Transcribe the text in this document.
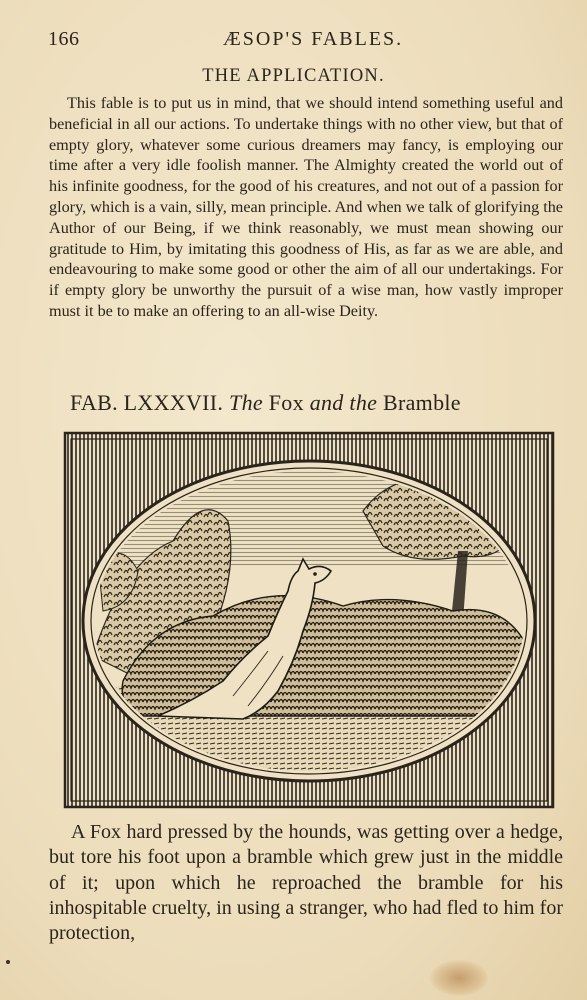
166	ÆSOP'S FABLES.
THE APPLICATION.

This fable is to put us in mind, that we should intend something useful and beneficial in all our actions. To undertake things with no other view, but that of empty glory, whatever some curious dreamers may fancy, is employing our time after a very idle foolish manner. The Almighty created the world out of his infinite goodness, for the good of his creatures, and not out of a passion for glory, which is a vain, silly, mean principle. And when we talk of glorifying the Author of our Being, if we think reasonably, we must mean showing our gratitude to Him, by imitating this goodness of His, as far as we are able, and endeavouring to make some good or other the aim of all our undertakings. For if empty glory be unworthy the pursuit of a wise man, how vastly improper must it be to make an offering to an all-wise Deity.

FAB. LXXXVII. The Fox and the Bramble

A Fox hard pressed by the hounds, was getting over a hedge, but tore his foot upon a bramble which grew just in the middle of it; upon which he reproached the bramble for his inhospitable cruelty, in using a stranger, who had fled to him for protection,
